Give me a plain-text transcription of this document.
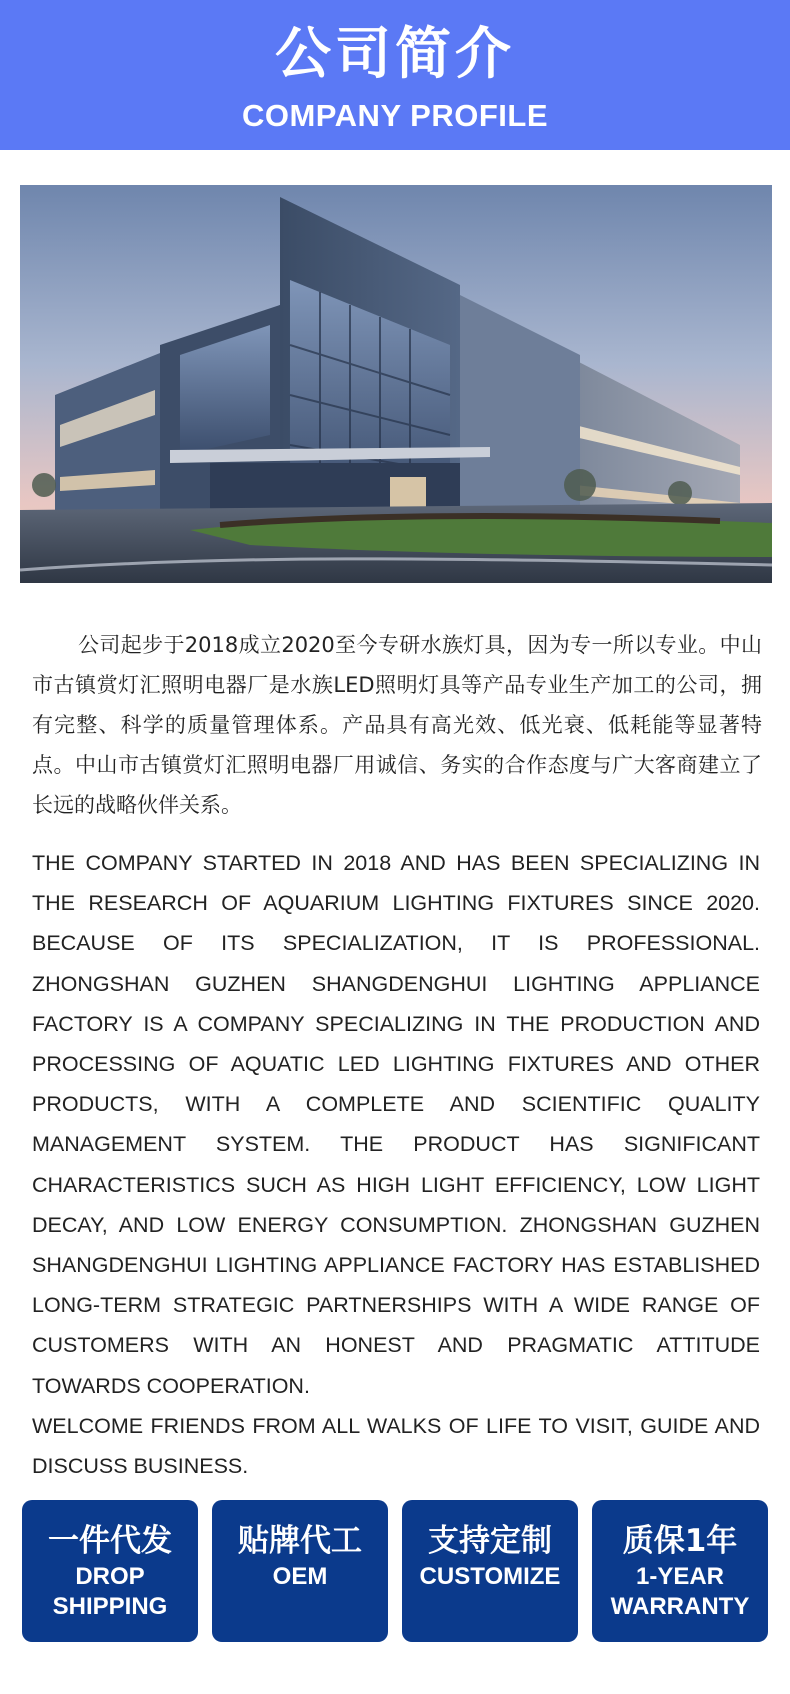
公司简介
COMPANY PROFILE
公司起步于2018成立2020至今专研水族灯具，因为专一所以专业。中山市古镇赏灯汇照明电器厂是水族LED照明灯具等产品专业生产加工的公司，拥有完整、科学的质量管理体系。产品具有高光效、低光衰、低耗能等显著特点。中山市古镇赏灯汇照明电器厂用诚信、务实的合作态度与广大客商建立了长远的战略伙伴关系。
THE COMPANY STARTED IN 2018 AND HAS BEEN SPECIALIZING IN THE RESEARCH OF AQUARIUM LIGHTING FIXTURES SINCE 2020. BECAUSE OF ITS SPECIALIZATION, IT IS PROFESSIONAL. ZHONGSHAN GUZHEN SHANGDENGHUI LIGHTING APPLIANCE FACTORY IS A COMPANY SPECIALIZING IN THE PRODUCTION AND PROCESSING OF AQUATIC LED LIGHTING FIXTURES AND OTHER PRODUCTS, WITH A COMPLETE AND SCIENTIFIC QUALITY MANAGEMENT SYSTEM. THE PRODUCT HAS SIGNIFICANT CHARACTERISTICS SUCH AS HIGH LIGHT EFFICIENCY, LOW LIGHT DECAY, AND LOW ENERGY CONSUMPTION. ZHONGSHAN GUZHEN SHANGDENGHUI LIGHTING APPLIANCE FACTORY HAS ESTABLISHED LONG-TERM STRATEGIC PARTNERSHIPS WITH A WIDE RANGE OF CUSTOMERS WITH AN HONEST AND PRAGMATIC ATTITUDE TOWARDS COOPERATION.
WELCOME FRIENDS FROM ALL WALKS OF LIFE TO VISIT, GUIDE AND DISCUSS BUSINESS.
一件代发
DROP SHIPPING
贴牌代工
OEM
支持定制
CUSTOMIZE
质保1年
1-YEAR WARRANTY
